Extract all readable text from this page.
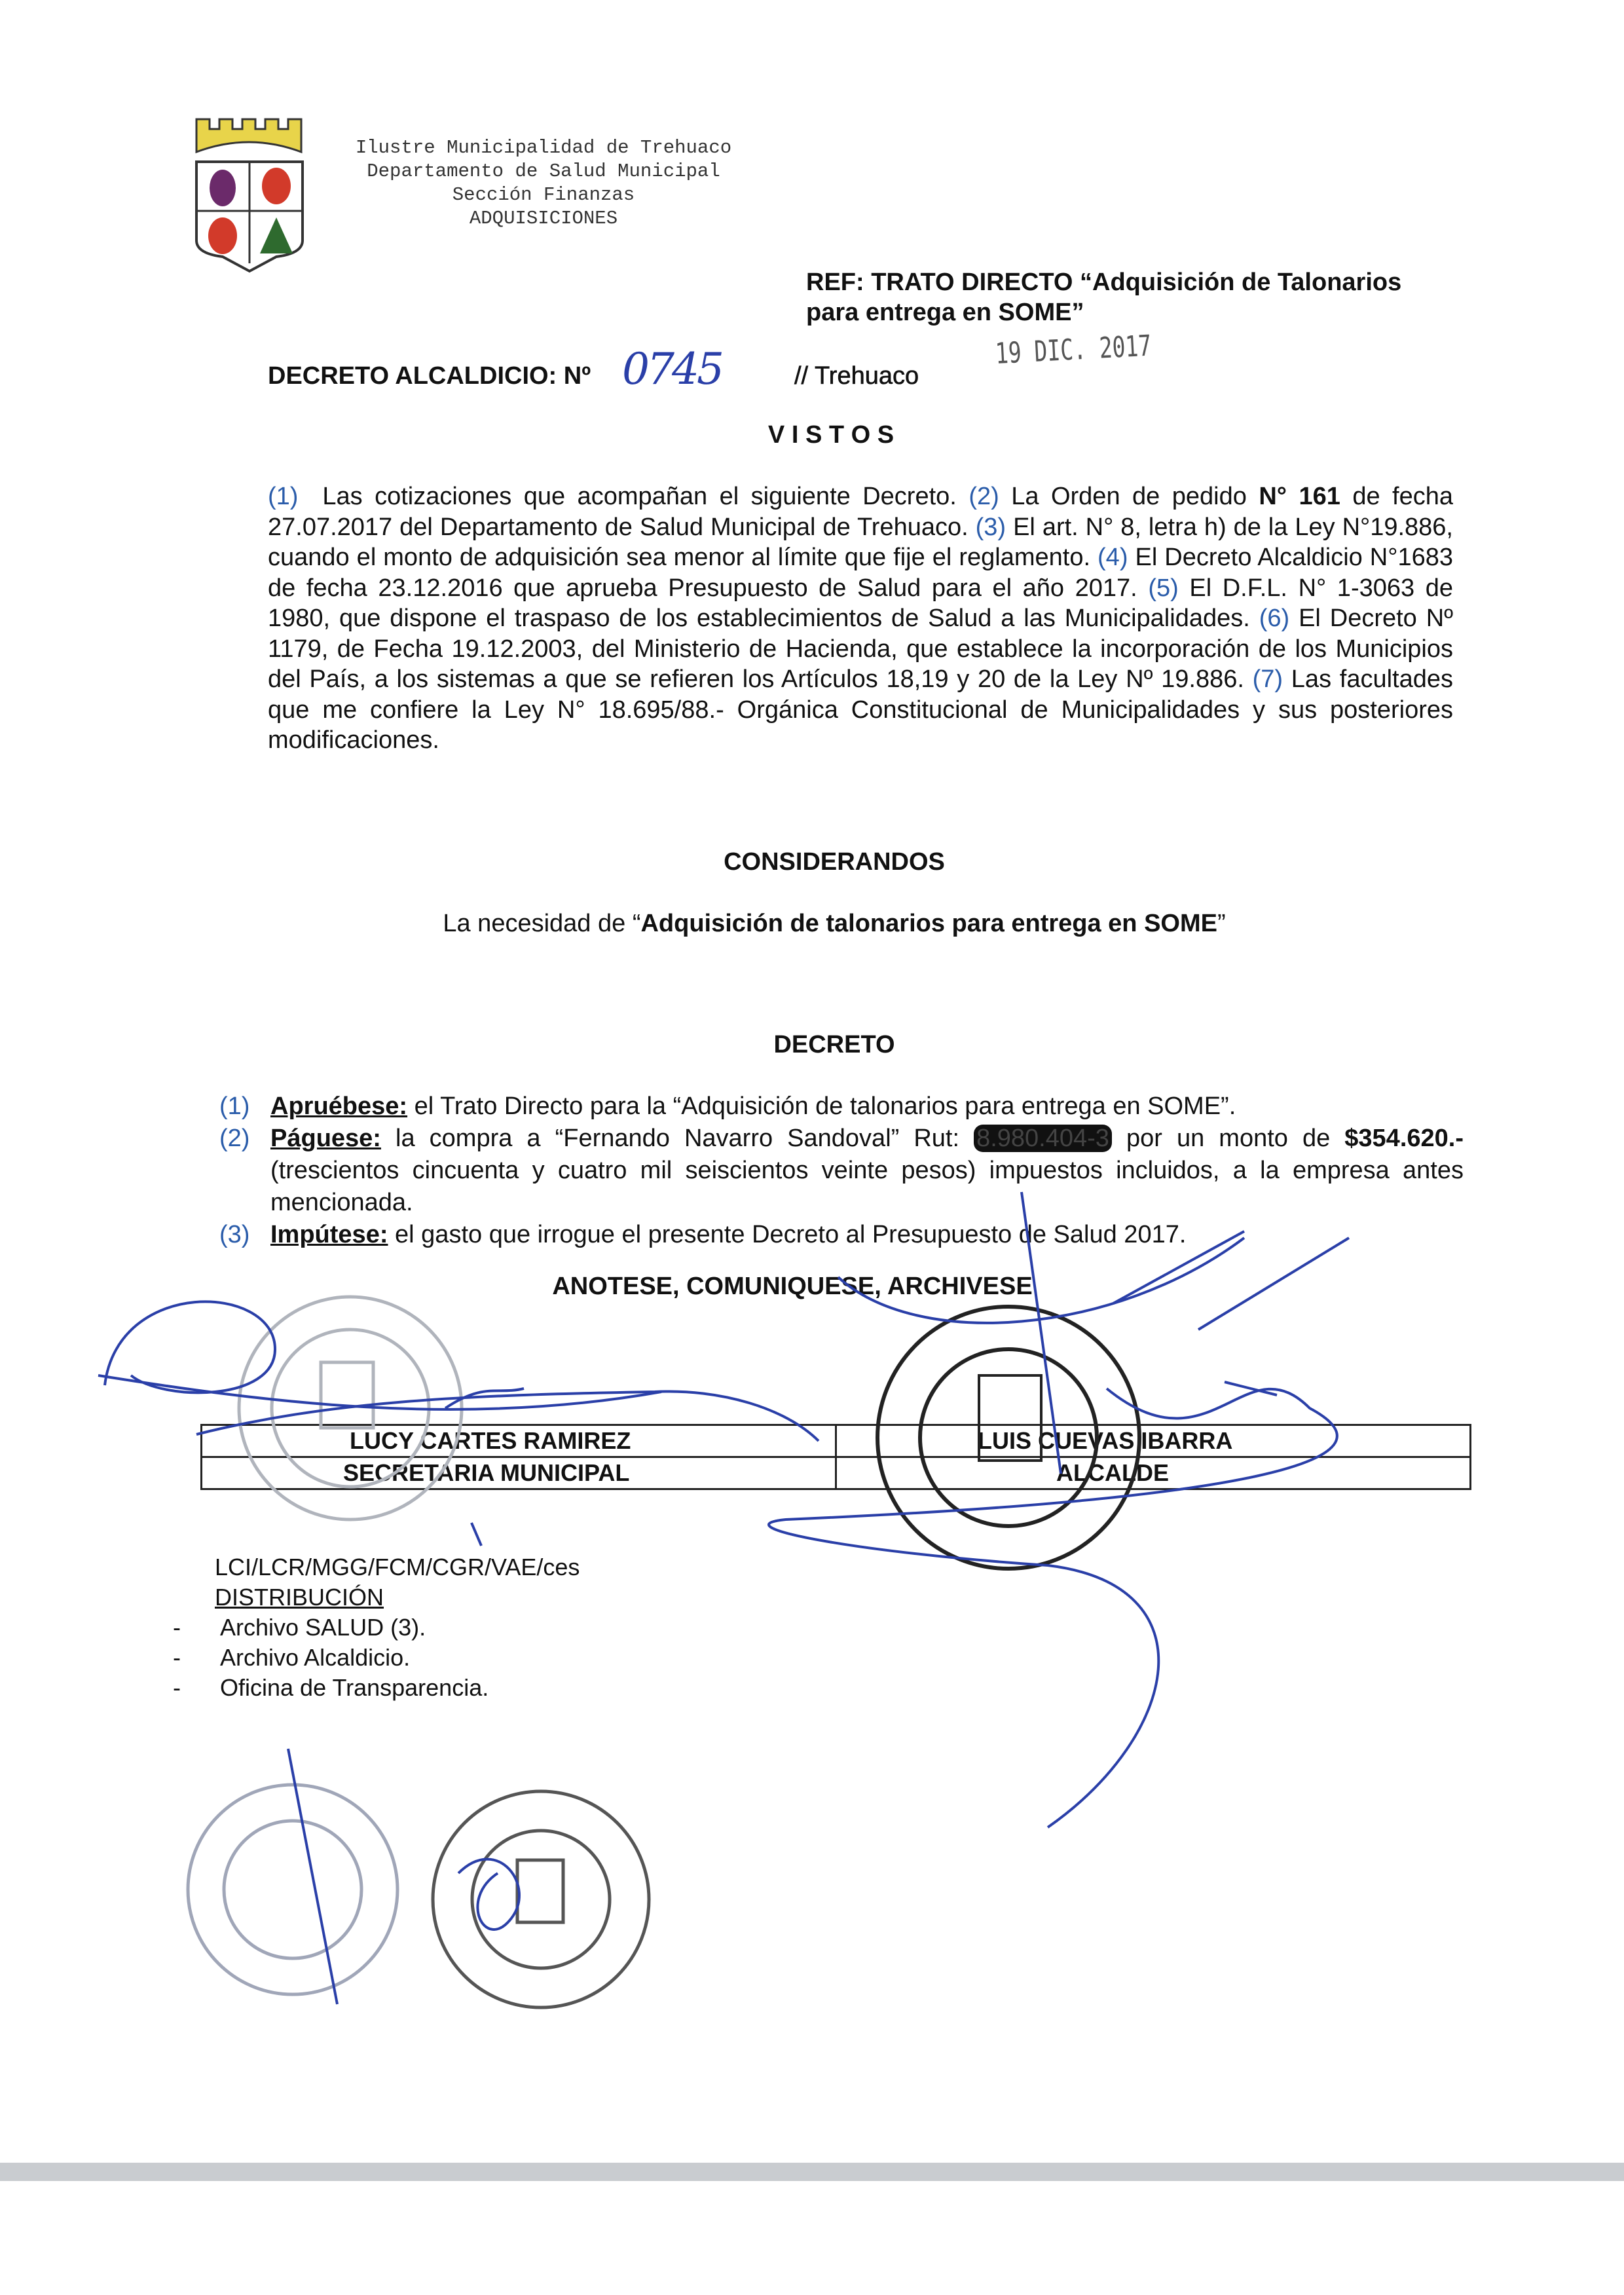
Ilustre Municipalidad de Trehuaco
Departamento de Salud Municipal
Sección Finanzas
ADQUISICIONES
REF: TRATO DIRECTO “Adquisición de Talonarios
para entrega en SOME”
DECRETO ALCALDICIO: Nº 0745	// Trehuaco
19 DIC. 2017
V I S T O S
(1) Las cotizaciones que acompañan el siguiente Decreto. (2) La Orden de pedido N° 161 de fecha 27.07.2017 del Departamento de Salud Municipal de Trehuaco. (3) El art. N° 8, letra h) de la Ley N°19.886, cuando el monto de adquisición sea menor al límite que fije el reglamento. (4) El Decreto Alcaldicio N°1683 de fecha 23.12.2016 que aprueba Presupuesto de Salud para el año 2017. (5) El D.F.L. N° 1-3063 de 1980, que dispone el traspaso de los establecimientos de Salud a las Municipalidades. (6) El Decreto Nº 1179, de Fecha 19.12.2003, del Ministerio de Hacienda, que establece la incorporación de los Municipios del País, a los sistemas a que se refieren los Artículos 18,19 y 20 de la Ley Nº 19.886. (7) Las facultades que me confiere la Ley N° 18.695/88.- Orgánica Constitucional de Municipalidades y sus posteriores modificaciones.
CONSIDERANDOS
La necesidad de “Adquisición de talonarios para entrega en SOME”
DECRETO
(1) Apruébese: el Trato Directo para la “Adquisición de talonarios para entrega en SOME”.
(2) Páguese: la compra a “Fernando Navarro Sandoval” Rut: 8.980.404-3 por un monto de $354.620.- (trescientos cincuenta y cuatro mil seiscientos veinte pesos) impuestos incluidos, a la empresa antes mencionada.
(3) Impútese: el gasto que irrogue el presente Decreto al Presupuesto de Salud 2017.
ANOTESE, COMUNIQUESE, ARCHIVESE
LUCY CARTES RAMIREZ	LUIS CUEVAS IBARRA
SECRETARIA MUNICIPAL	ALCALDE
LCI/LCR/MGG/FCM/CGR/VAE/ces
DISTRIBUCIÓN
-      Archivo SALUD (3).
-      Archivo Alcaldicio.
-      Oficina de Transparencia.
